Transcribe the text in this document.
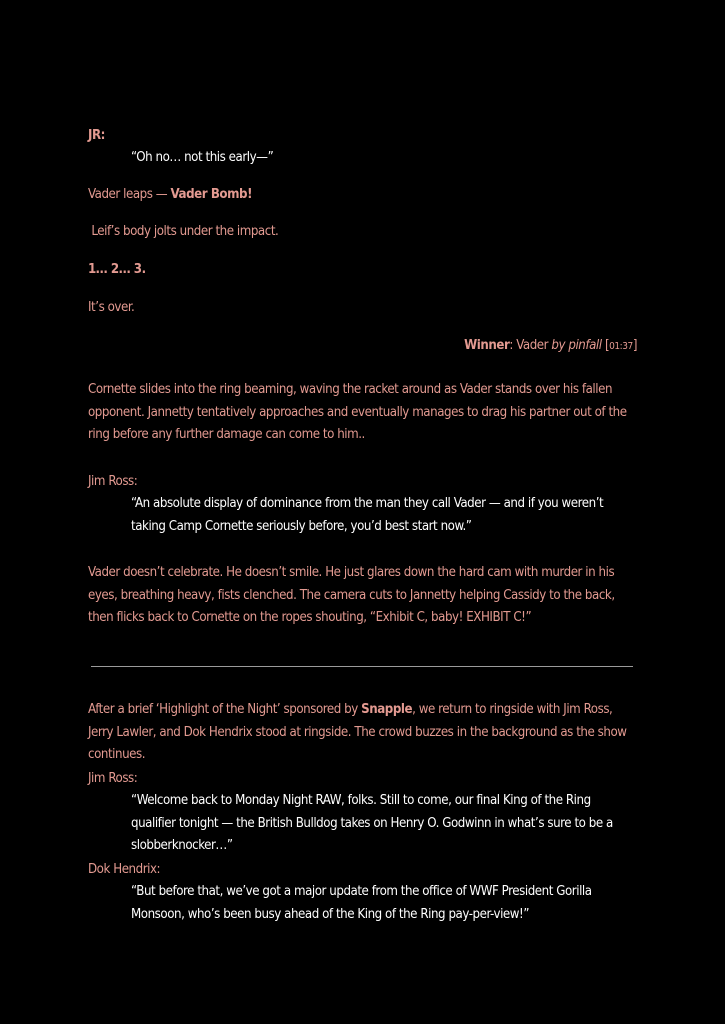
JR:

“Oh no… not this early—”

Vader leaps — Vader Bomb!

Leif’s body jolts under the impact.

1… 2… 3.

It’s over.

Winner: Vader by pinfall [01:37]

Cornette slides into the ring beaming, waving the racket around as Vader stands over his fallen opponent. Jannetty tentatively approaches and eventually manages to drag his partner out of the ring before any further damage can come to him..

Jim Ross:

“An absolute display of dominance from the man they call Vader — and if you weren’t taking Camp Cornette seriously before, you’d best start now.”

Vader doesn’t celebrate. He doesn’t smile. He just glares down the hard cam with murder in his eyes, breathing heavy, fists clenched. The camera cuts to Jannetty helping Cassidy to the back, then flicks back to Cornette on the ropes shouting, “Exhibit C, baby! EXHIBIT C!”

After a brief ‘Highlight of the Night’ sponsored by Snapple, we return to ringside with Jim Ross, Jerry Lawler, and Dok Hendrix stood at ringside. The crowd buzzes in the background as the show continues.

Jim Ross:

“Welcome back to Monday Night RAW, folks. Still to come, our final King of the Ring qualifier tonight — the British Bulldog takes on Henry O. Godwinn in what’s sure to be a slobberknocker…”

Dok Hendrix:

“But before that, we’ve got a major update from the office of WWF President Gorilla Monsoon, who’s been busy ahead of the King of the Ring pay-per-view!”
